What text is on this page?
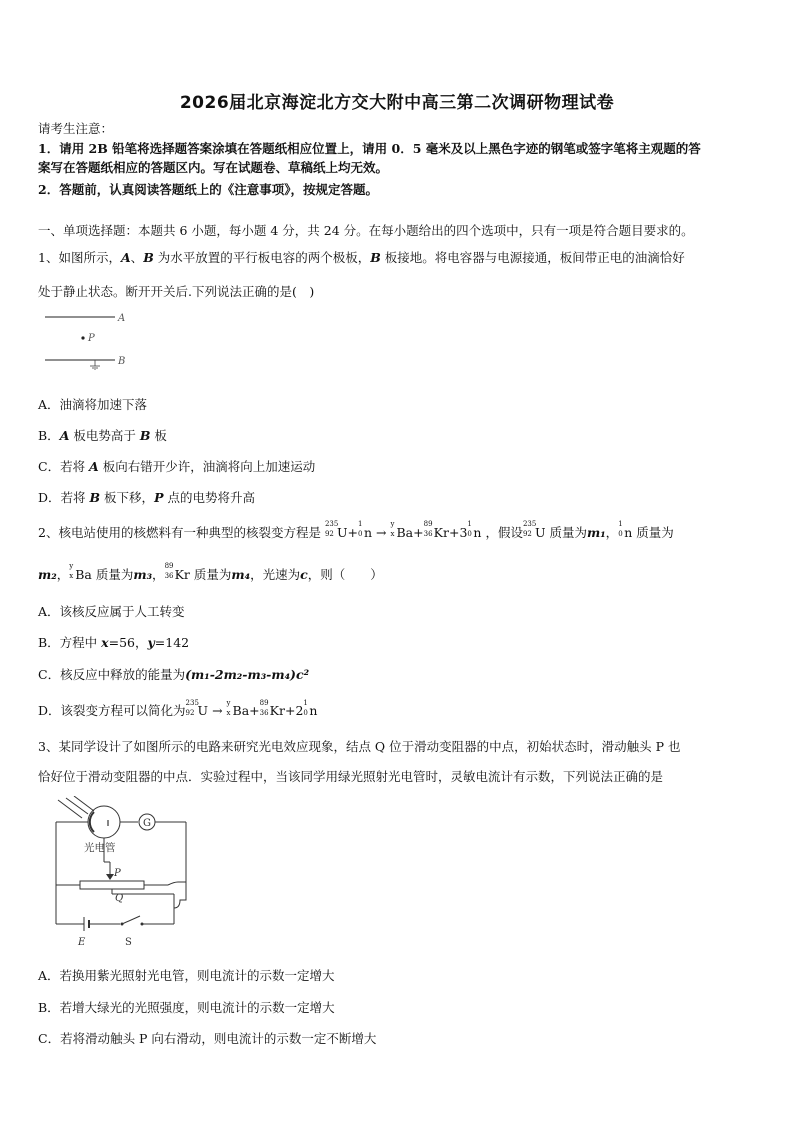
2026届北京海淀北方交大附中高三第二次调研物理试卷
请考生注意：
1．请用 2B 铅笔将选择题答案涂填在答题纸相应位置上，请用 0．5 毫米及以上黑色字迹的钢笔或签字笔将主观题的答
案写在答题纸相应的答题区内。写在试题卷、草稿纸上均无效。
2．答题前，认真阅读答题纸上的《注意事项》，按规定答题。
一、单项选择题：本题共 6 小题，每小题 4 分，共 24 分。在每小题给出的四个选项中，只有一项是符合题目要求的。
1、如图所示，A、B 为水平放置的平行板电容的两个极板，B 板接地。将电容器与电源接通，板间带正电的油滴恰好
处于静止状态。断开开关后.下列说法正确的是(　)
A
P
B
A．油滴将加速下落
B．A 板电势高于 B 板
C．若将 A 板向右错开少许，油滴将向上加速运动
D．若将 B 板下移，P 点的电势将升高
2、核电站使用的核燃料有一种典型的核裂变方程是
235
92 U+
1
0 n →
y
x Ba+
89
36 Kr+3
1
0 n ，假设
235
92 U 质量为m₁，
1
0 n 质量为
m₂，
y
x Ba 质量为m₃，
89
36 Kr 质量为m₄，光速为c，则（　　）
A．该核反应属于人工转变
B．方程中 x=56，y=142
C．核反应中释放的能量为(m₁-2m₂-m₃-m₄)c²
D．该裂变方程可以简化为 235
92 U → y
x Ba+ 89
36 Kr+2 1
0 n
3、某同学设计了如图所示的电路来研究光电效应现象，结点 Q 位于滑动变阻器的中点，初始状态时，滑动触头 P 也
恰好位于滑动变阻器的中点．实验过程中，当该同学用绿光照射光电管时，灵敏电流计有示数，下列说法正确的是
光电管
G
P
Q
E	S
A．若换用紫光照射光电管，则电流计的示数一定增大
B．若增大绿光的光照强度，则电流计的示数一定增大
C．若将滑动触头 P 向右滑动，则电流计的示数一定不断增大
